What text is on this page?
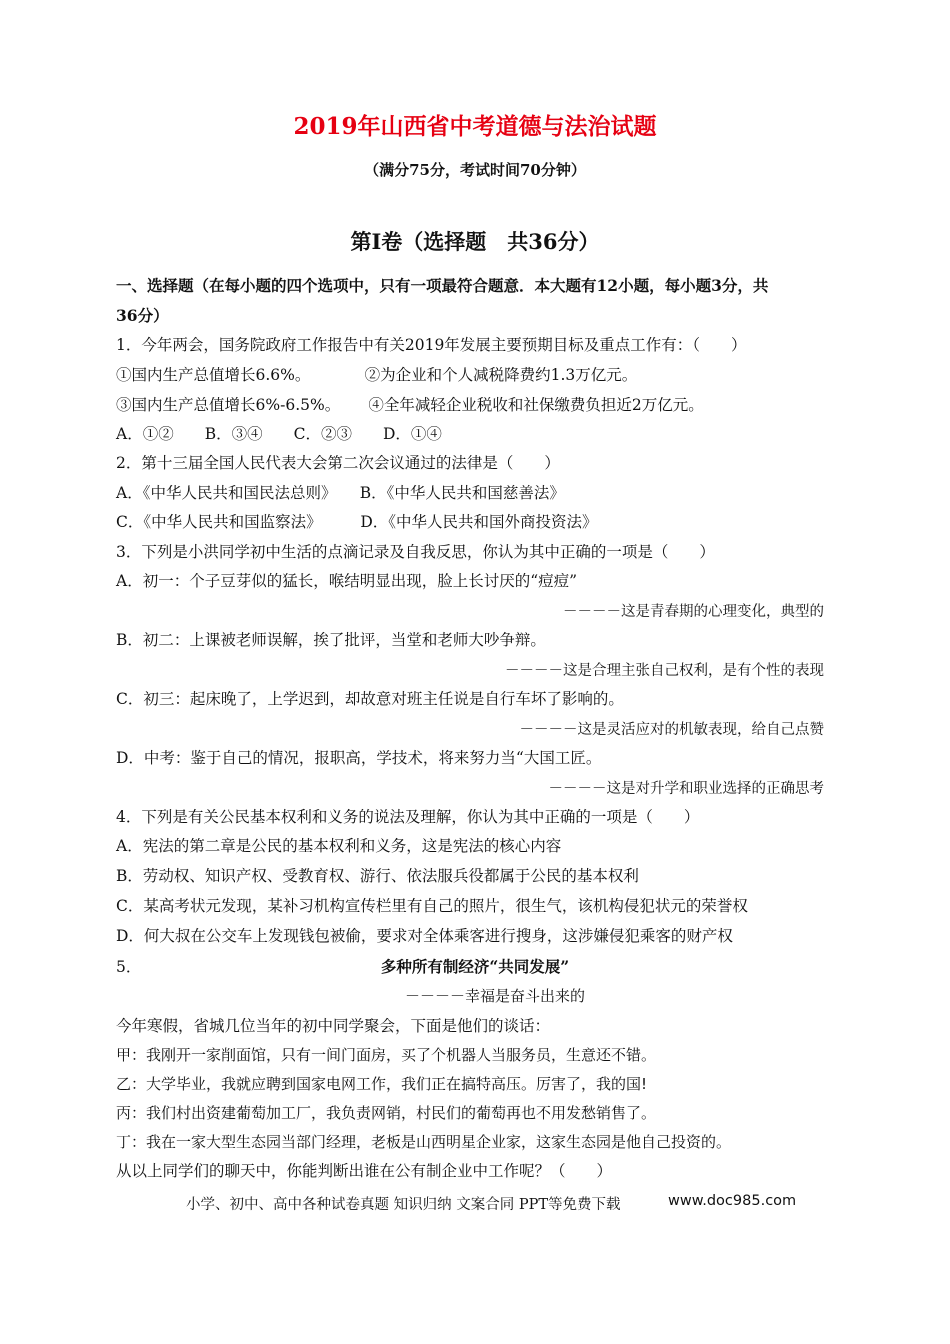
2019年山西省中考道德与法治试题
（满分75分，考试时间70分钟）
第Ⅰ卷（选择题　共36分）
一、选择题（在每小题的四个选项中，只有一项最符合题意．本大题有12小题，每小题3分，共
36分）
1．今年两会，国务院政府工作报告中有关2019年发展主要预期目标及重点工作有：（　　）
①国内生产总值增长6.6%。　　　　②为企业和个人减税降费约1.3万亿元。
③国内生产总值增长6%-6.5%。　　 ④全年减轻企业税收和社保缴费负担近2万亿元。
A．①②　　B．③④　　C．②③　　D．①④
2．第十三届全国人民代表大会第二次会议通过的法律是（　　）
A．《中华人民共和国民法总则》　　B．《中华人民共和国慈善法》
C．《中华人民共和国监察法》　　　D．《中华人民共和国外商投资法》
3．下列是小洪同学初中生活的点滴记录及自我反思，你认为其中正确的一项是（　　）
A．初一：个子豆芽似的猛长，喉结明显出现，脸上长讨厌的“痘痘”
－－－－这是青春期的心理变化，典型的
B．初二：上课被老师误解，挨了批评，当堂和老师大吵争辩。
－－－－这是合理主张自己权利，是有个性的表现
C．初三：起床晚了，上学迟到，却故意对班主任说是自行车坏了影响的。
－－－－这是灵活应对的机敏表现，给自己点赞
D．中考：鉴于自己的情况，报职高，学技术，将来努力当“大国工匠。
－－－－这是对升学和职业选择的正确思考
4．下列是有关公民基本权利和义务的说法及理解，你认为其中正确的一项是（　　）
A．宪法的第二章是公民的基本权利和义务，这是宪法的核心内容
B．劳动权、知识产权、受教育权、游行、依法服兵役都属于公民的基本权利
C．某高考状元发现，某补习机构宣传栏里有自己的照片，很生气，该机构侵犯状元的荣誉权
D．何大叔在公交车上发现钱包被偷，要求对全体乘客进行搜身，这涉嫌侵犯乘客的财产权
5．	多种所有制经济“共同发展”
－－－－幸福是奋斗出来的
今年寒假，省城几位当年的初中同学聚会，下面是他们的谈话：
甲：我刚开一家削面馆，只有一间门面房，买了个机器人当服务员，生意还不错。
乙：大学毕业，我就应聘到国家电网工作，我们正在搞特高压。厉害了，我的国!
丙：我们村出资建葡萄加工厂，我负责网销，村民们的葡萄再也不用发愁销售了。
丁：我在一家大型生态园当部门经理，老板是山西明星企业家，这家生态园是他自己投资的。
从以上同学们的聊天中，你能判断出谁在公有制企业中工作呢？（　　）
小学、初中、高中各种试卷真题 知识归纳 文案合同 PPT等免费下载	www.doc985.com
